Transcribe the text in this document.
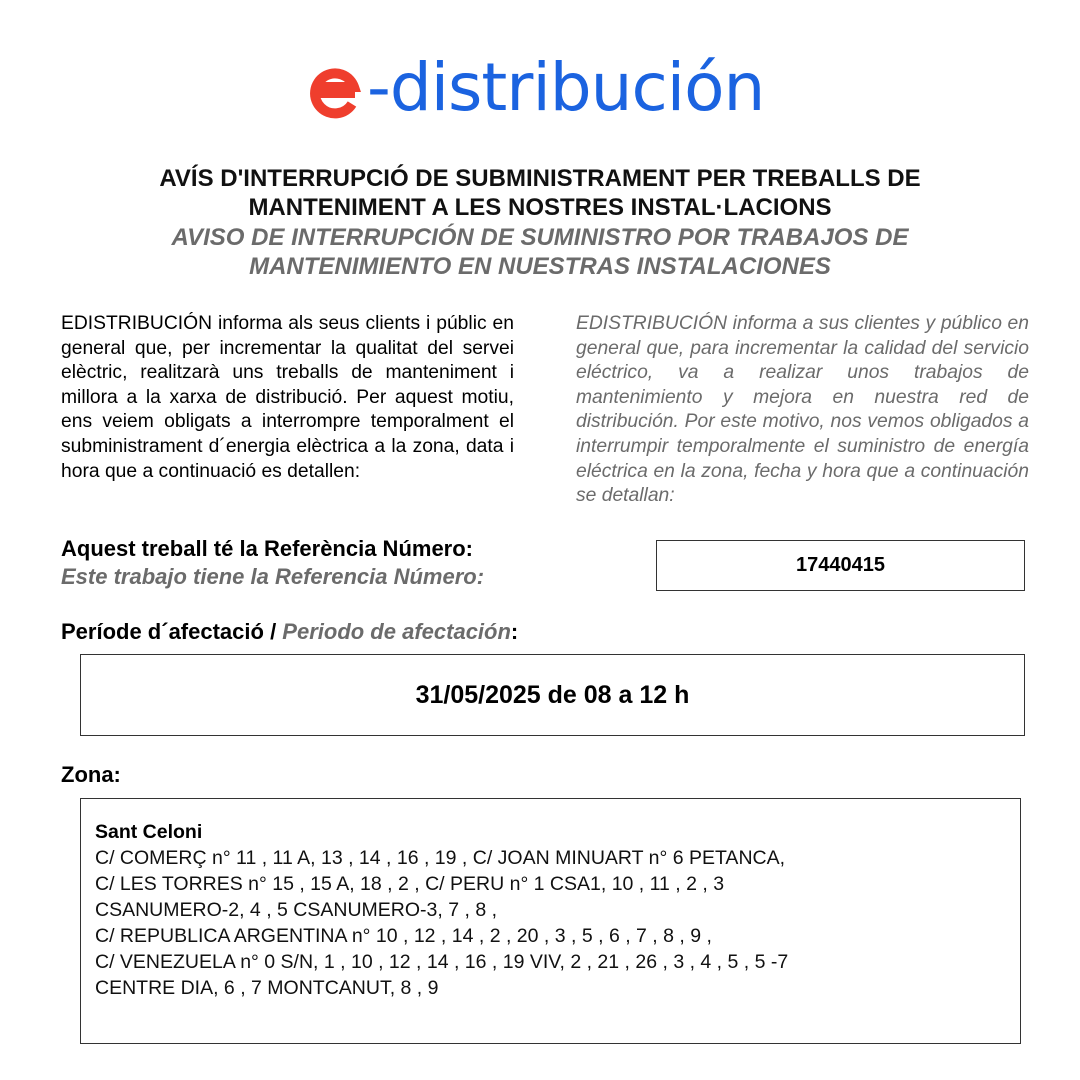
-distribución
AVÍS D'INTERRUPCIÓ DE SUBMINISTRAMENT PER TREBALLS DE
MANTENIMENT A LES NOSTRES INSTAL·LACIONS
AVISO DE INTERRUPCIÓN DE SUMINISTRO POR TRABAJOS DE
MANTENIMIENTO EN NUESTRAS INSTALACIONES
EDISTRIBUCIÓN informa als seus clients i públic en general que, per incrementar la qualitat del servei elèctric, realitzarà uns treballs de manteniment i millora a la xarxa de distribució. Per aquest motiu, ens veiem obligats a interrompre temporalment el subministrament d´energia elèctrica a la zona, data i hora que a continuació es detallen:
EDISTRIBUCIÓN informa a sus clientes y público en general que, para incrementar la calidad del servicio eléctrico, va a realizar unos trabajos de mantenimiento y mejora en nuestra red de distribución. Por este motivo, nos vemos obligados a interrumpir temporalmente el suministro de energía eléctrica en la zona, fecha y hora que a continuación se detallan:
Aquest treball té la Referència Número:
Este trabajo tiene la Referencia Número:	17440415
Període d´afectació / Periodo de afectación:
31/05/2025 de 08 a 12 h
Zona:
Sant Celoni
C/ COMERÇ n° 11 , 11 A, 13 , 14 , 16 , 19 , C/ JOAN MINUART n° 6 PETANCA,
C/ LES TORRES n° 15 , 15 A, 18 , 2 , C/ PERU n° 1 CSA1, 10 , 11 , 2 , 3
CSANUMERO-2, 4 , 5 CSANUMERO-3, 7 , 8 ,
C/ REPUBLICA ARGENTINA n° 10 , 12 , 14 , 2 , 20 , 3 , 5 , 6 , 7 , 8 , 9 ,
C/ VENEZUELA n° 0 S/N, 1 , 10 , 12 , 14 , 16 , 19 VIV, 2 , 21 , 26 , 3 , 4 , 5 , 5 -7
CENTRE DIA, 6 , 7 MONTCANUT, 8 , 9
